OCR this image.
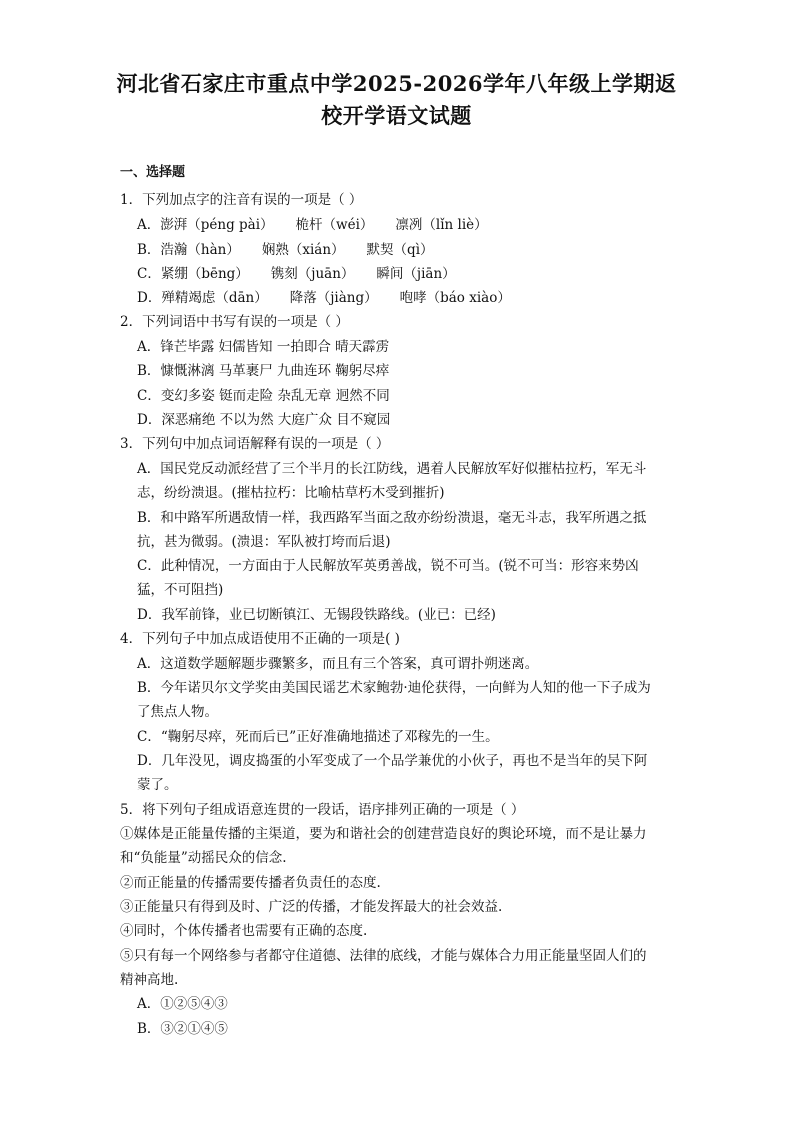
河北省石家庄市重点中学2025-2026学年八年级上学期返
校开学语文试题
一、选择题
1．下列加点字的注音有误的一项是（ ）
A．澎湃（péng pài） 桅杆（wéi） 凛冽（lǐn liè）
B．浩瀚（hàn） 娴熟（xián） 默契（qì）
C．紧绷（bēng） 镌刻（juān） 瞬间（jiān）
D．殚精竭虑（dān） 降落（jiàng） 咆哮（báo xiào）
2．下列词语中书写有误的一项是（ ）
A．锋芒毕露 妇儒皆知 一拍即合 晴天霹雳
B．慷慨淋漓 马革裹尸 九曲连环 鞠躬尽瘁
C．变幻多姿 铤而走险 杂乱无章 迥然不同
D．深恶痛绝 不以为然 大庭广众 目不窥园
3．下列句中加点词语解释有误的一项是（ ）
A．国民党反动派经营了三个半月的长江防线，遇着人民解放军好似摧枯拉朽，军无斗
志，纷纷溃退。(摧枯拉朽：比喻枯草朽木受到摧折)
B．和中路军所遇敌情一样，我西路军当面之敌亦纷纷溃退，毫无斗志，我军所遇之抵
抗，甚为微弱。(溃退：军队被打垮而后退)
C．此种情况，一方面由于人民解放军英勇善战，锐不可当。(锐不可当：形容来势凶
猛，不可阻挡)
D．我军前锋，业已切断镇江、无锡段铁路线。(业已：已经)
4．下列句子中加点成语使用不正确的一项是( )
A．这道数学题解题步骤繁多，而且有三个答案，真可谓扑朔迷离。
B．今年诺贝尔文学奖由美国民谣艺术家鲍勃·迪伦获得，一向鲜为人知的他一下子成为
了焦点人物。
C．“鞠躬尽瘁，死而后已”正好准确地描述了邓稼先的一生。
D．几年没见，调皮捣蛋的小军变成了一个品学兼优的小伙子，再也不是当年的吴下阿
蒙了。
5．将下列句子组成语意连贯的一段话，语序排列正确的一项是（ ）
①媒体是正能量传播的主渠道，要为和谐社会的创建营造良好的舆论环境，而不是让暴力
和“负能量”动摇民众的信念.
②而正能量的传播需要传播者负责任的态度.
③正能量只有得到及时、广泛的传播，才能发挥最大的社会效益.
④同时，个体传播者也需要有正确的态度.
⑤只有每一个网络参与者都守住道德、法律的底线，才能与媒体合力用正能量坚固人们的
精神高地.
A．①②⑤④③
B．③②①④⑤
